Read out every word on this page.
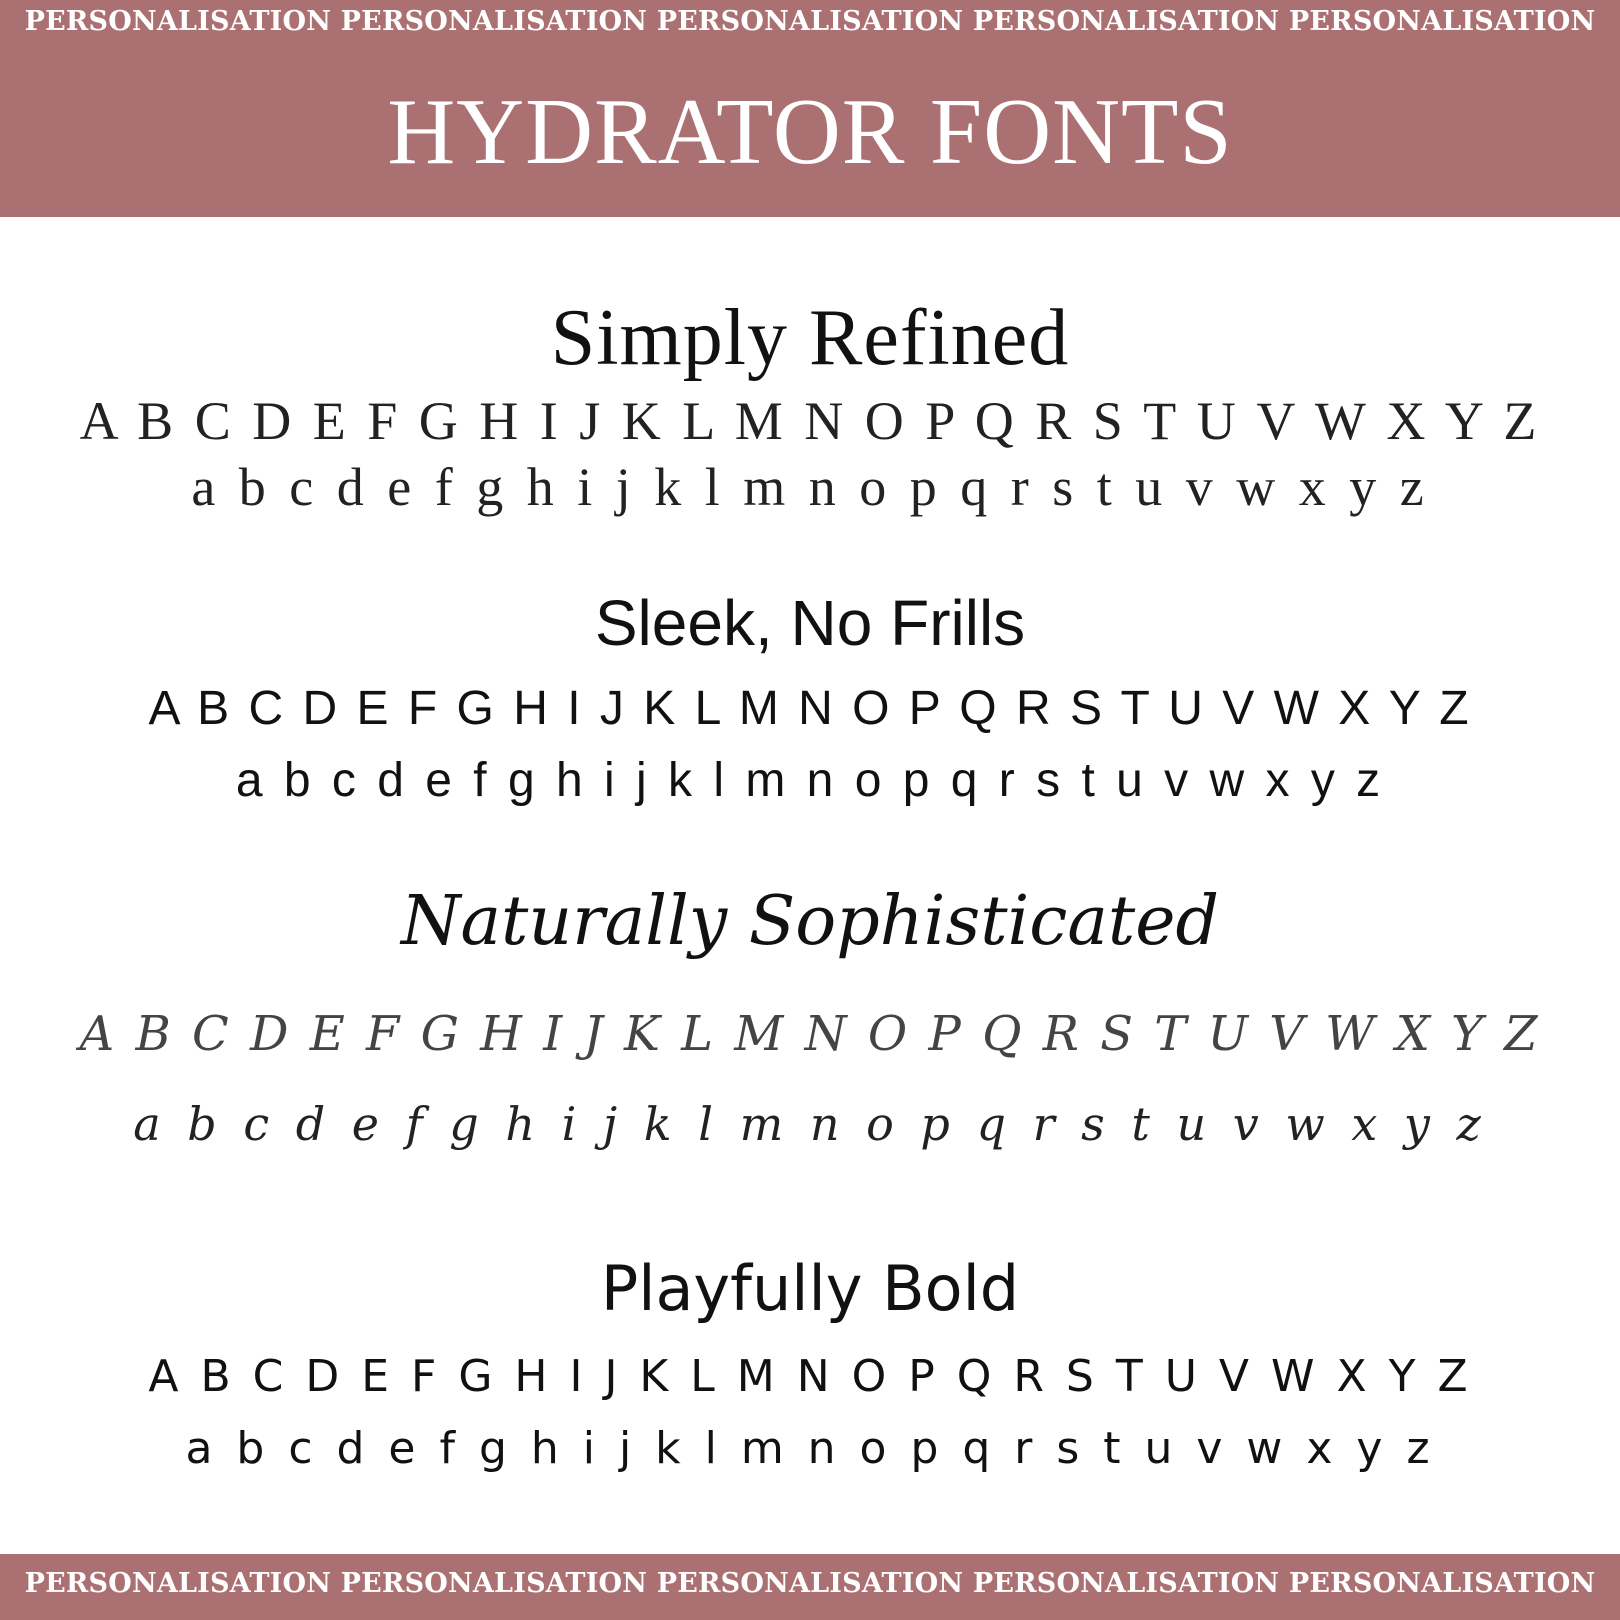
PERSONALISATION PERSONALISATION PERSONALISATION PERSONALISATION PERSONALISATION
HYDRATOR FONTS
Simply Refined
A B C D E F G H I J K L M N O P Q R S T U V W X Y Z
a b c d e f g h i j k l m n o p q r s t u v w x y z
Sleek, No Frills
A B C D E F G H I J K L M N O P Q R S T U V W X Y Z
a b c d e f g h i j k l m n o p q r s t u v w x y z
Naturally Sophisticated
A B C D E F G H I J K L M N O P Q R S T U V W X Y Z
a b c d e f g h i j k l m n o p q r s t u v w x y z
Playfully Bold
A B C D E F G H I J K L M N O P Q R S T U V W X Y Z
a b c d e f g h i j k l m n o p q r s t u v w x y z
PERSONALISATION PERSONALISATION PERSONALISATION PERSONALISATION PERSONALISATION
